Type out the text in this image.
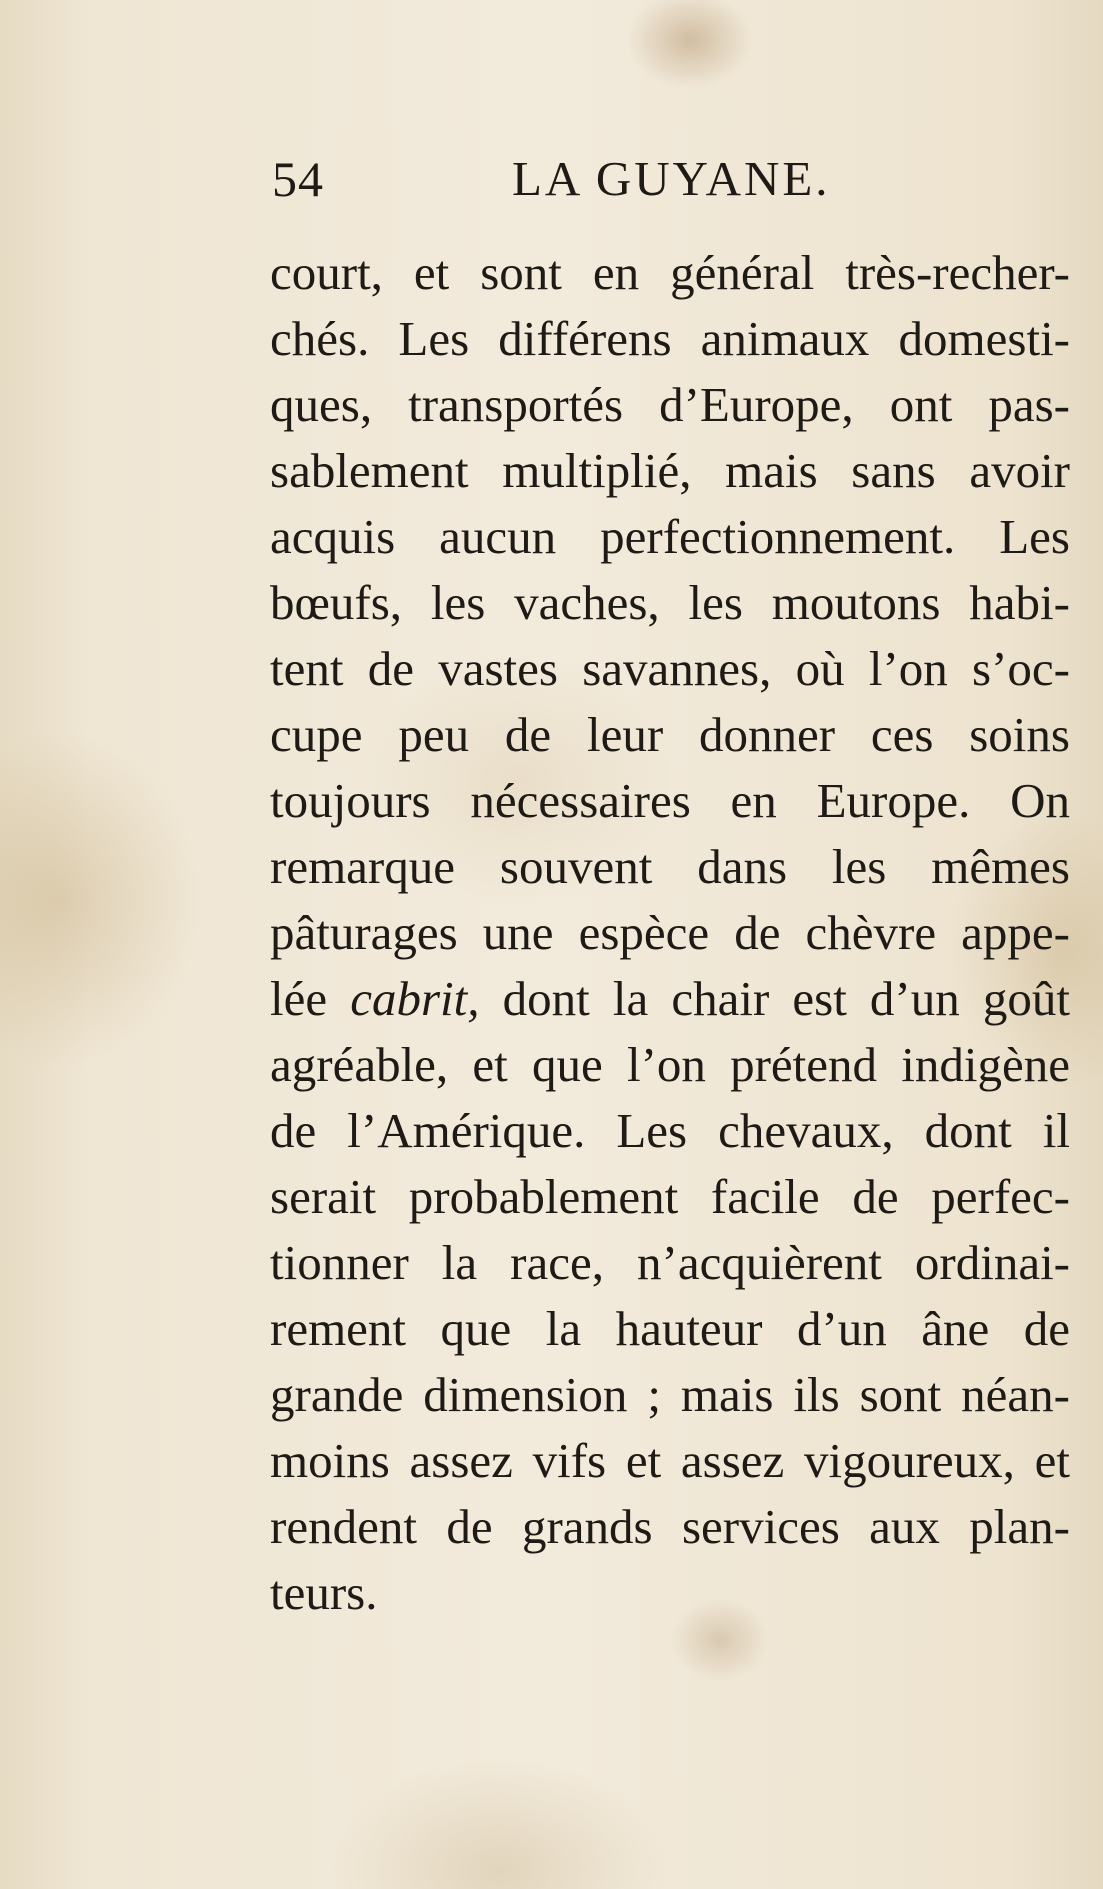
54	LA GUYANE.
court, et sont en général très-recher-
chés. Les différens animaux domesti-
ques, transportés d’Europe, ont pas-
sablement multiplié, mais sans avoir
acquis aucun perfectionnement. Les
bœufs, les vaches, les moutons habi-
tent de vastes savannes, où l’on s’oc-
cupe peu de leur donner ces soins
toujours nécessaires en Europe. On
remarque souvent dans les mêmes
pâturages une espèce de chèvre appe-
lée cabrit, dont la chair est d’un goût
agréable, et que l’on prétend indigène
de l’Amérique. Les chevaux, dont il
serait probablement facile de perfec-
tionner la race, n’acquièrent ordinai-
rement que la hauteur d’un âne de
grande dimension ; mais ils sont néan-
moins assez vifs et assez vigoureux, et
rendent de grands services aux plan-
teurs.
